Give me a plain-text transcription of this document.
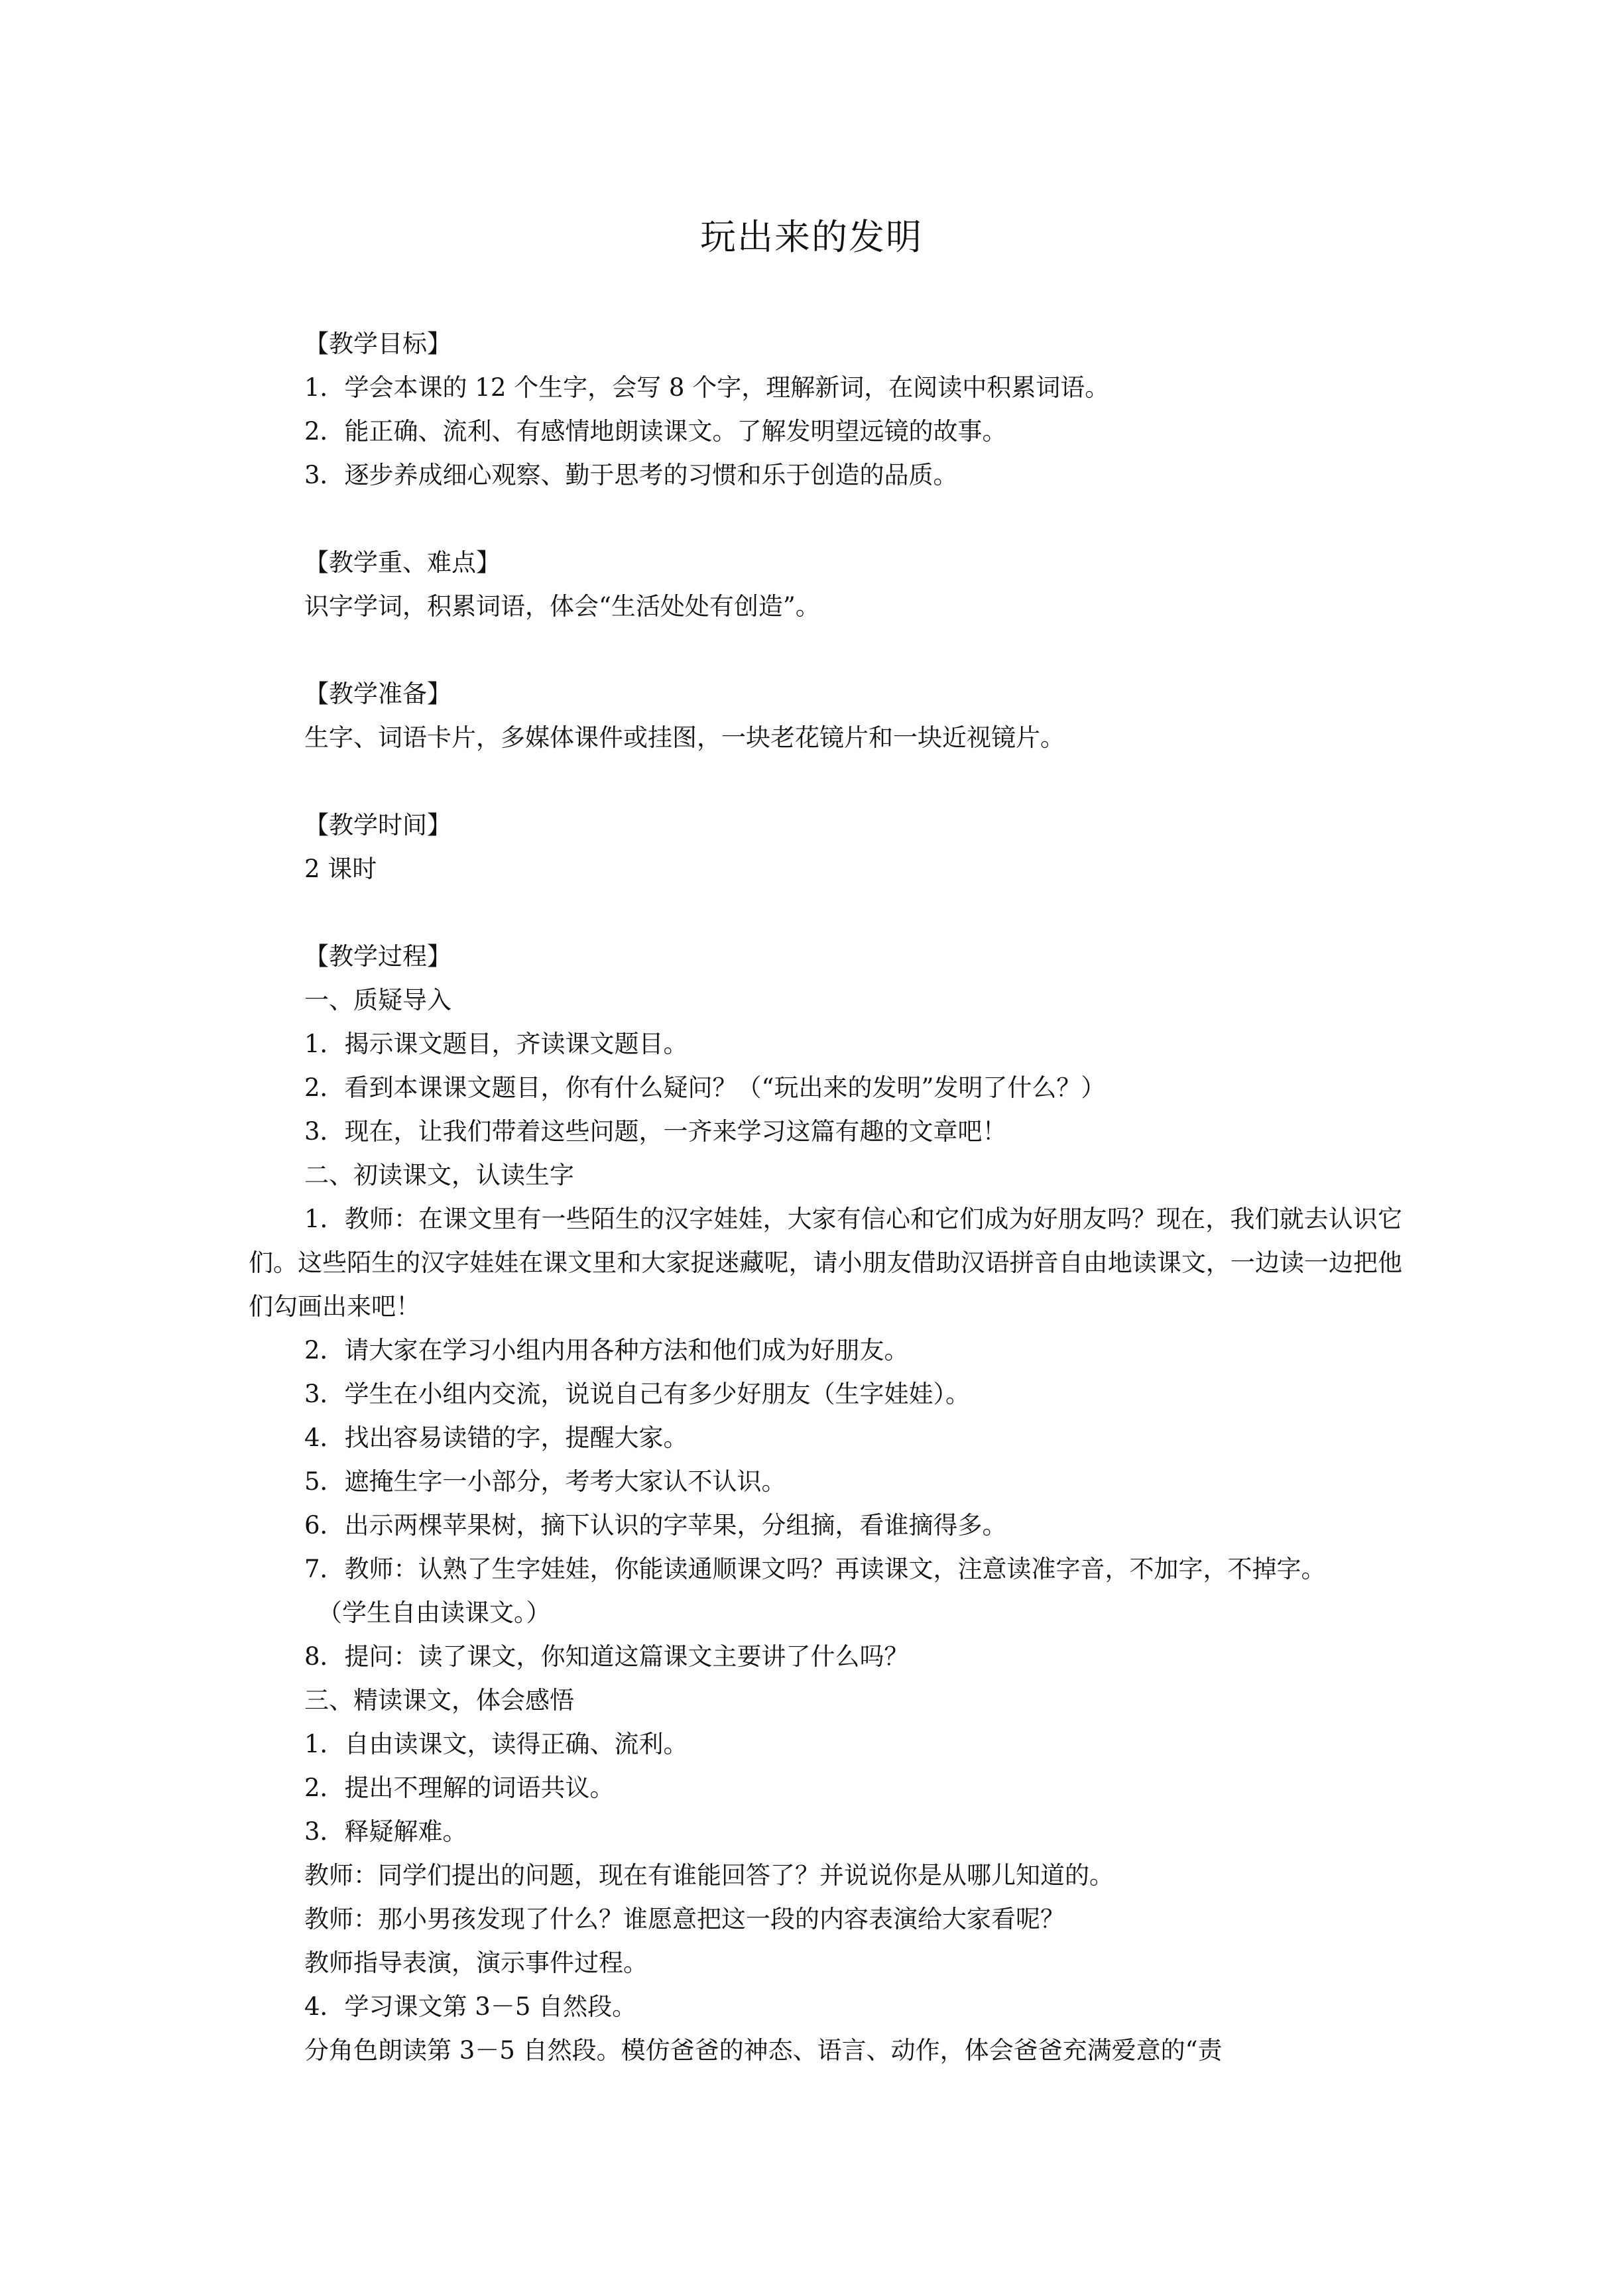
玩出来的发明

【教学目标】

1．学会本课的 12 个生字，会写 8 个字，理解新词，在阅读中积累词语。

2．能正确、流利、有感情地朗读课文。了解发明望远镜的故事。

3．逐步养成细心观察、勤于思考的习惯和乐于创造的品质。

【教学重、难点】

识字学词，积累词语，体会“生活处处有创造”。

【教学准备】

生字、词语卡片，多媒体课件或挂图，一块老花镜片和一块近视镜片。

【教学时间】

2 课时

【教学过程】

一、质疑导入

1．揭示课文题目，齐读课文题目。

2．看到本课课文题目，你有什么疑问？（“玩出来的发明”发明了什么？）

3．现在，让我们带着这些问题，一齐来学习这篇有趣的文章吧！

二、初读课文，认读生字

1．教师：在课文里有一些陌生的汉字娃娃，大家有信心和它们成为好朋友吗？现在，我们就去认识它们。这些陌生的汉字娃娃在课文里和大家捉迷藏呢，请小朋友借助汉语拼音自由地读课文，一边读一边把他们勾画出来吧！

2．请大家在学习小组内用各种方法和他们成为好朋友。

3．学生在小组内交流，说说自己有多少好朋友（生字娃娃）。

4．找出容易读错的字，提醒大家。

5．遮掩生字一小部分，考考大家认不认识。

6．出示两棵苹果树，摘下认识的字苹果，分组摘，看谁摘得多。

7．教师：认熟了生字娃娃，你能读通顺课文吗？再读课文，注意读准字音，不加字，不掉字。

（学生自由读课文。）

8．提问：读了课文，你知道这篇课文主要讲了什么吗？

三、精读课文，体会感悟

1．自由读课文，读得正确、流利。

2．提出不理解的词语共议。

3．释疑解难。

教师：同学们提出的问题，现在有谁能回答了？并说说你是从哪儿知道的。

教师：那小男孩发现了什么？谁愿意把这一段的内容表演给大家看呢？

教师指导表演，演示事件过程。

4．学习课文第 3－5 自然段。

分角色朗读第 3－5 自然段。模仿爸爸的神态、语言、动作，体会爸爸充满爱意的“责
